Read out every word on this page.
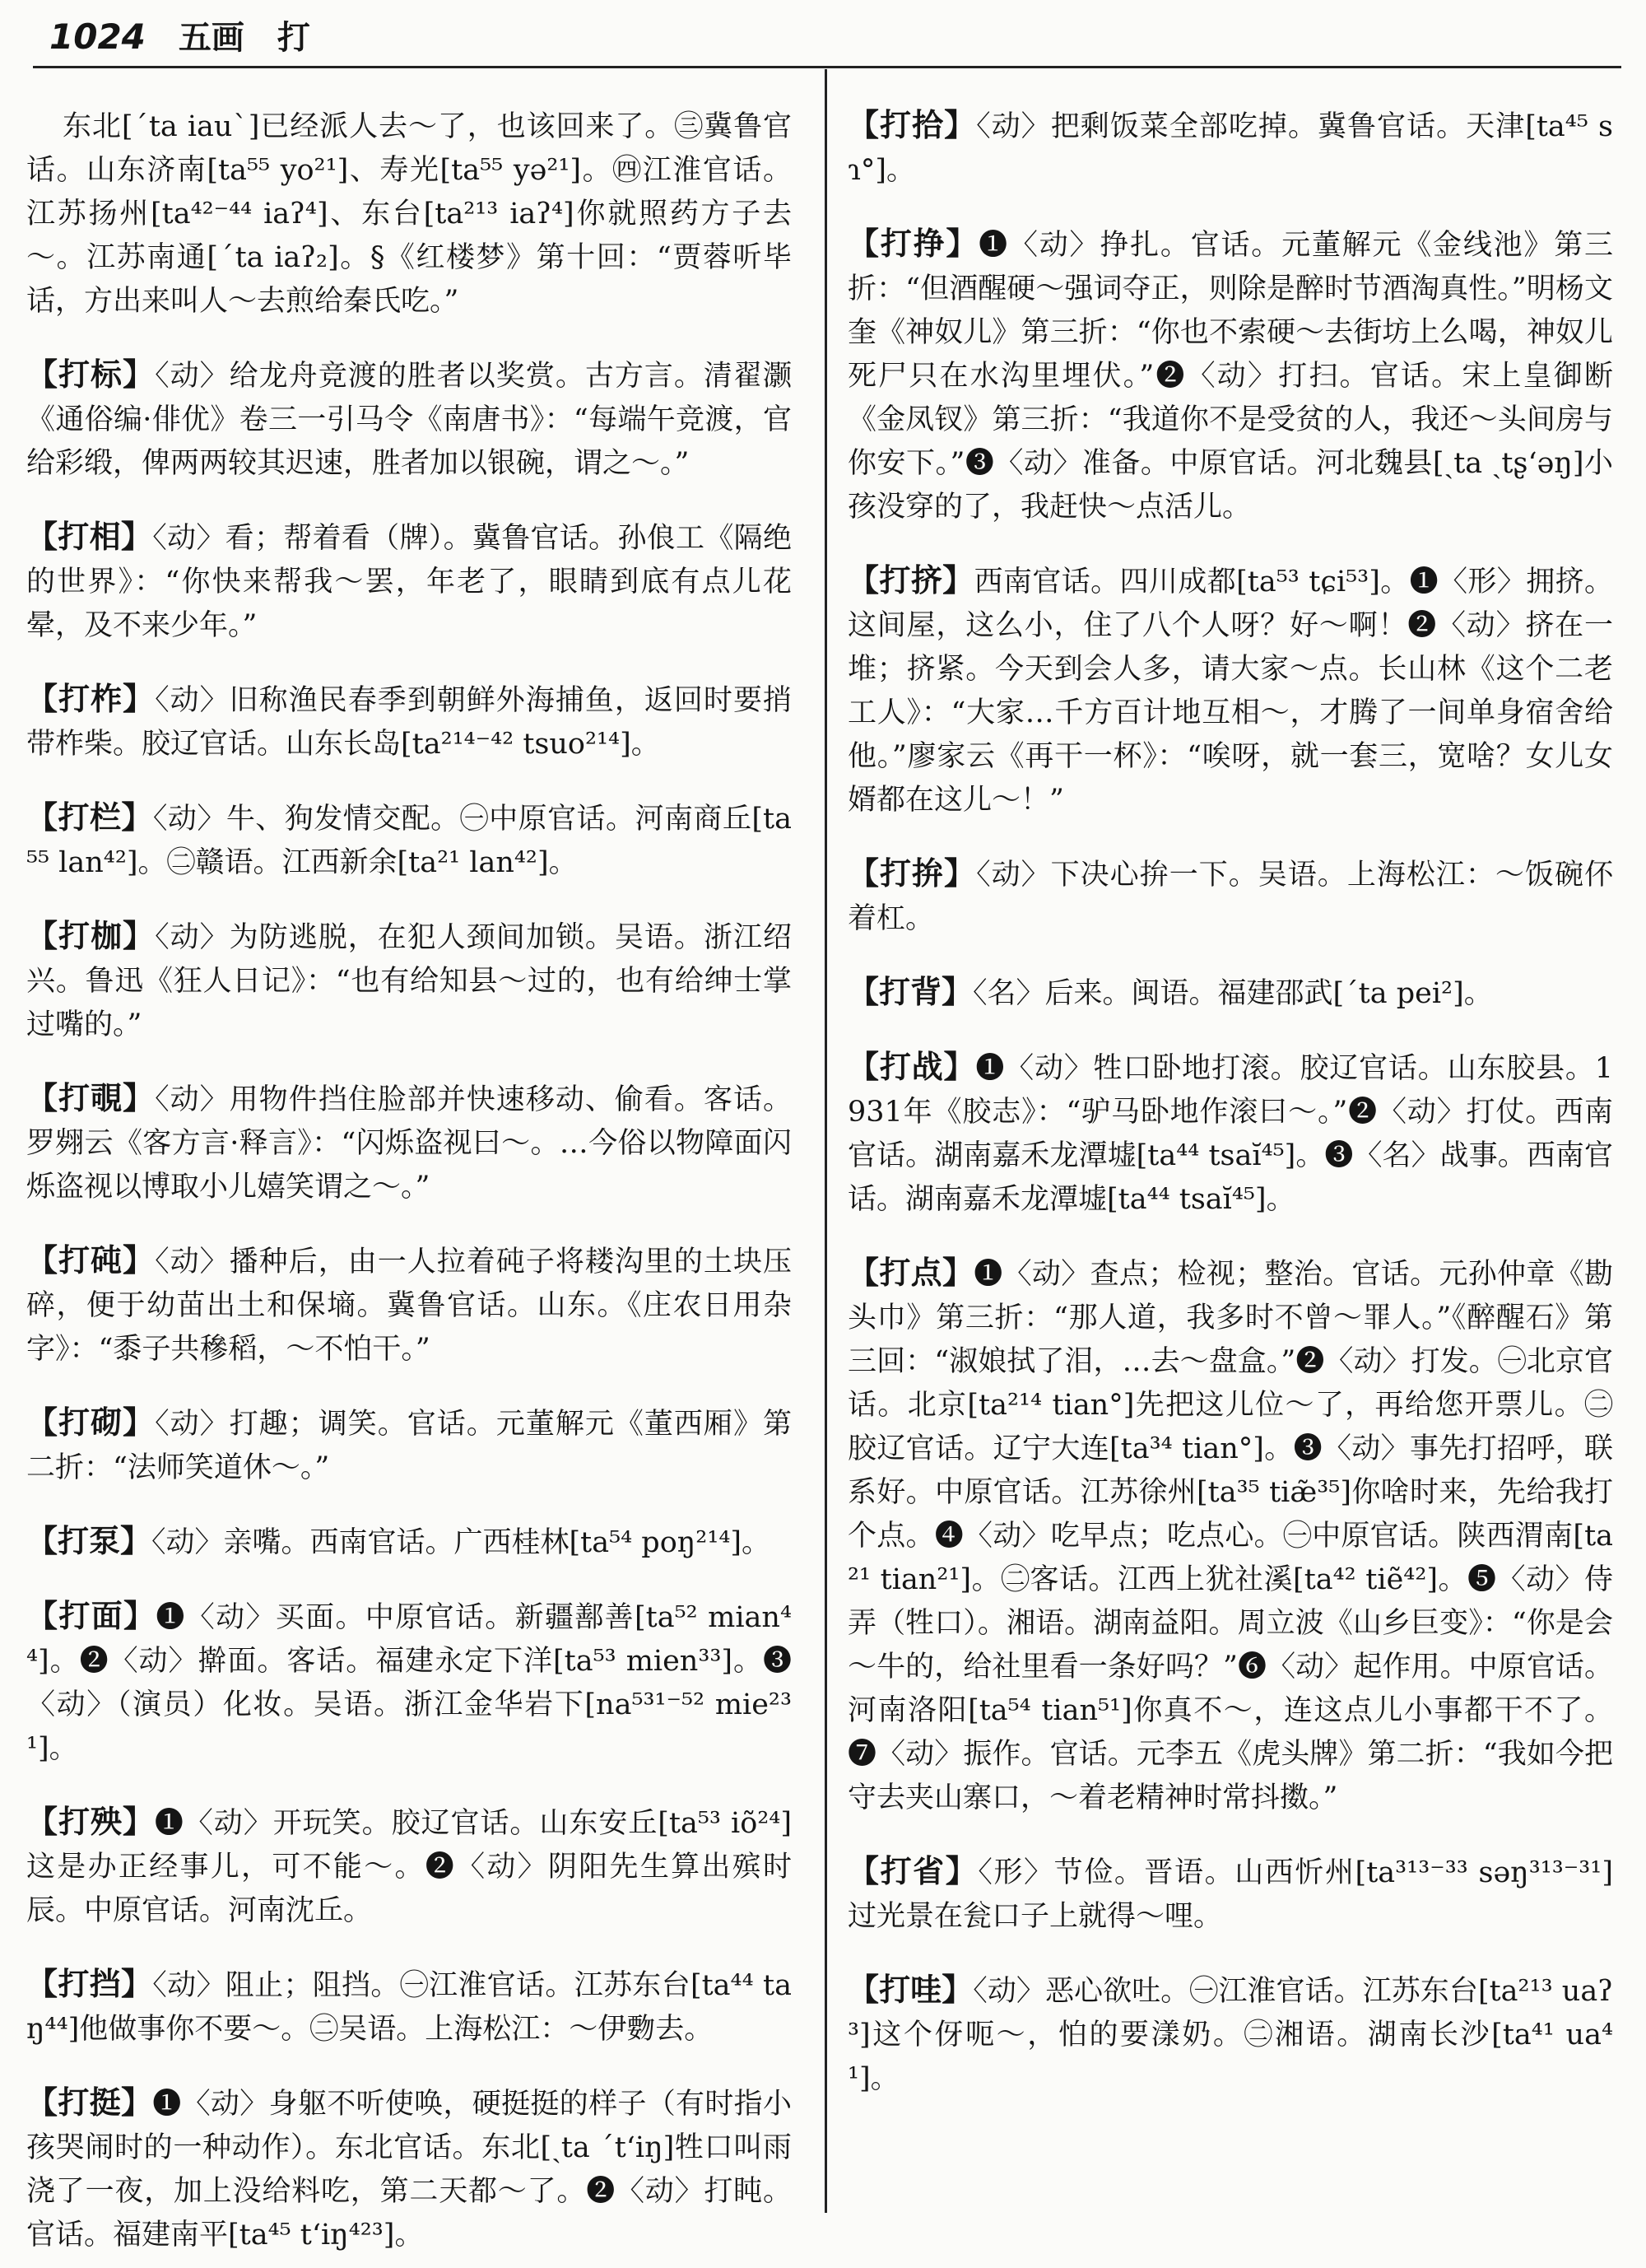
1024 五画 打

东北[ˊta iauˋ]已经派人去～了，也该回来了。㊂冀鲁官话。山东济南[ta⁵⁵ yo²¹]、寿光[ta⁵⁵ yə²¹]。㊃江淮官话。江苏扬州[ta⁴²⁻⁴⁴ iaʔ⁴]、东台[ta²¹³ iaʔ⁴]你就照药方子去～。江苏南通[ˊta iaʔ₂]。§《红楼梦》第十回：“贾蓉听毕话，方出来叫人～去煎给秦氏吃。”

【打标】〈动〉给龙舟竞渡的胜者以奖赏。古方言。清翟灏《通俗编·俳优》卷三一引马令《南唐书》：“每端午竞渡，官给彩缎，俾两两较其迟速，胜者加以银碗，谓之～。”

【打相】〈动〉看；帮着看（牌）。冀鲁官话。孙俍工《隔绝的世界》：“你快来帮我～罢，年老了，眼睛到底有点儿花晕，及不来少年。”

【打柞】〈动〉旧称渔民春季到朝鲜外海捕鱼，返回时要捎带柞柴。胶辽官话。山东长岛[ta²¹⁴⁻⁴² tsuo²¹⁴]。

【打栏】〈动〉牛、狗发情交配。㊀中原官话。河南商丘[ta⁵⁵ lan⁴²]。㊁赣语。江西新余[ta²¹ lan⁴²]。

【打枷】〈动〉为防逃脱，在犯人颈间加锁。吴语。浙江绍兴。鲁迅《狂人日记》：“也有给知县～过的，也有给绅士掌过嘴的。”

【打覗】〈动〉用物件挡住脸部并快速移动、偷看。客话。罗翙云《客方言·释言》：“闪烁盗视曰～。…今俗以物障面闪烁盗视以博取小儿嬉笑谓之～。”

【打砘】〈动〉播种后，由一人拉着砘子将耧沟里的土块压碎，便于幼苗出土和保墒。冀鲁官话。山东。《庄农日用杂字》：“黍子共穇稻，～不怕干。”

【打砌】〈动〉打趣；调笑。官话。元董解元《董西厢》第二折：“法师笑道休～。”

【打泵】〈动〉亲嘴。西南官话。广西桂林[ta⁵⁴ poŋ²¹⁴]。

【打面】❶〈动〉买面。中原官话。新疆鄯善[ta⁵² mian⁴⁴]。❷〈动〉擀面。客话。福建永定下洋[ta⁵³ mien³³]。❸〈动〉（演员）化妆。吴语。浙江金华岩下[na⁵³¹⁻⁵² mie²³¹]。

【打殃】❶〈动〉开玩笑。胶辽官话。山东安丘[ta⁵³ iõ²⁴]这是办正经事儿，可不能～。❷〈动〉阴阳先生算出殡时辰。中原官话。河南沈丘。

【打挡】〈动〉阻止；阻挡。㊀江淮官话。江苏东台[ta⁴⁴ taŋ⁴⁴]他做事你不要～。㊁吴语。上海松江：～伊覅去。

【打挺】❶〈动〉身躯不听使唤，硬挺挺的样子（有时指小孩哭闹时的一种动作）。东北官话。东北[ˏta ˊtʻiŋ]牲口叫雨浇了一夜，加上没给料吃，第二天都～了。❷〈动〉打盹。官话。福建南平[ta⁴⁵ tʻiŋ⁴²³]。

【打拾】〈动〉把剩饭菜全部吃掉。冀鲁官话。天津[ta⁴⁵ sɿ°]。

【打挣】❶〈动〉挣扎。官话。元董解元《金线池》第三折：“但酒醒硬～强词夺正，则除是醉时节酒淘真性。”明杨文奎《神奴儿》第三折：“你也不索硬～去街坊上么喝，神奴儿死尸只在水沟里埋伏。”❷〈动〉打扫。官话。宋上皇御断《金凤钗》第三折：“我道你不是受贫的人，我还～头间房与你安下。”❸〈动〉准备。中原官话。河北魏县[ˏta ˏtʂʻəŋ]小孩没穿的了，我赶快～点活儿。

【打挤】西南官话。四川成都[ta⁵³ tɕi⁵³]。❶〈形〉拥挤。这间屋，这么小，住了八个人呀？好～啊！❷〈动〉挤在一堆；挤紧。今天到会人多，请大家～点。长山林《这个二老工人》：“大家…千方百计地互相～，才腾了一间单身宿舍给他。”廖家云《再干一杯》：“唉呀，就一套三，宽啥？女儿女婿都在这儿～！”

【打拚】〈动〉下决心拚一下。吴语。上海松江：～饭碗伓着杠。

【打背】〈名〉后来。闽语。福建邵武[ˊta pei²]。

【打战】❶〈动〉牲口卧地打滚。胶辽官话。山东胶县。1931年《胶志》：“驴马卧地作滚曰～。”❷〈动〉打仗。西南官话。湖南嘉禾龙潭墟[ta⁴⁴ tsaĭ⁴⁵]。❸〈名〉战事。西南官话。湖南嘉禾龙潭墟[ta⁴⁴ tsaĭ⁴⁵]。

【打点】❶〈动〉查点；检视；整治。官话。元孙仲章《勘头巾》第三折：“那人道，我多时不曾～罪人。”《醉醒石》第三回：“淑娘拭了泪，…去～盘盒。”❷〈动〉打发。㊀北京官话。北京[ta²¹⁴ tian°]先把这儿位～了，再给您开票儿。㊁胶辽官话。辽宁大连[ta³⁴ tian°]。❸〈动〉事先打招呼，联系好。中原官话。江苏徐州[ta³⁵ tiæ̃³⁵]你啥时来，先给我打个点。❹〈动〉吃早点；吃点心。㊀中原官话。陕西渭南[ta²¹ tian²¹]。㊁客话。江西上犹社溪[ta⁴² tiẽ⁴²]。❺〈动〉侍弄（牲口）。湘语。湖南益阳。周立波《山乡巨变》：“你是会～牛的，给社里看一条好吗？”❻〈动〉起作用。中原官话。河南洛阳[ta⁵⁴ tian⁵¹]你真不～，连这点儿小事都干不了。❼〈动〉振作。官话。元李五《虎头牌》第二折：“我如今把守去夹山寨口，～着老精神时常抖擞。”

【打省】〈形〉节俭。晋语。山西忻州[ta³¹³⁻³³ səŋ³¹³⁻³¹]过光景在瓮口子上就得～哩。

【打哇】〈动〉恶心欲吐。㊀江淮官话。江苏东台[ta²¹³ uaʔ³]这个伢呃～，怕的要漾奶。㊁湘语。湖南长沙[ta⁴¹ ua⁴¹]。
